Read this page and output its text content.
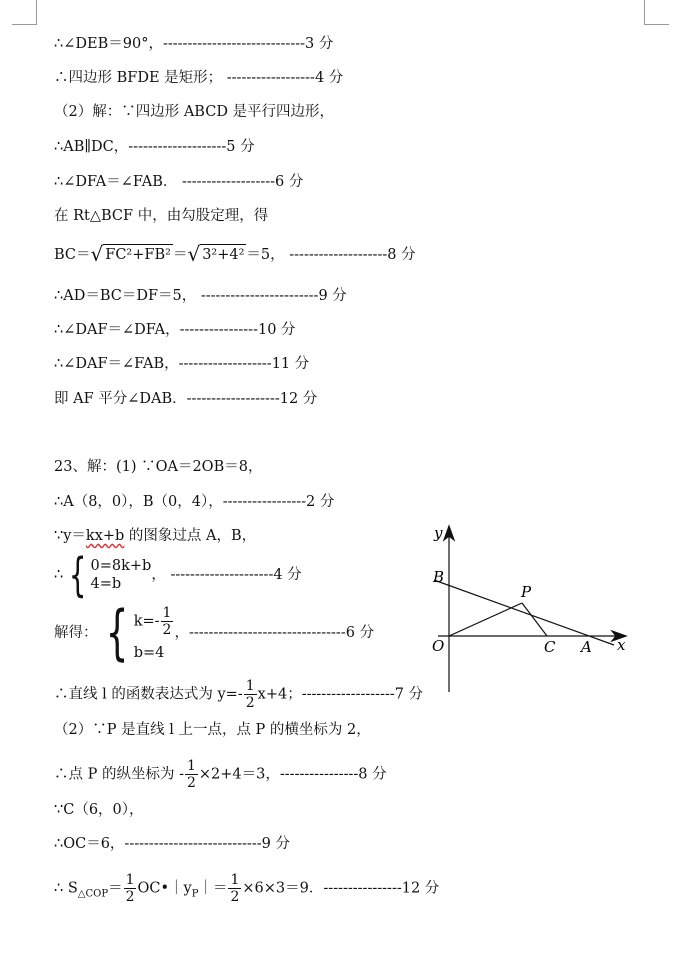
∴∠DEB＝90°，-----------------------------3 分
∴四边形 BFDE 是矩形； ------------------4 分
（2）解：∵四边形 ABCD 是平行四边形，
∴AB∥DC，--------------------5 分
∴∠DFA＝∠FAB． -------------------6 分
在 Rt△BCF 中，由勾股定理，得
BC＝√ FC²+FB² ＝√ 3²+4² ＝5， --------------------8 分
∴AD＝BC＝DF＝5， ------------------------9 分
∴∠DAF＝∠DFA，----------------10 分
∴∠DAF＝∠FAB，-------------------11 分
即 AF 平分∠DAB．-------------------12 分
23、解：(1) ∵OA＝2OB＝8，
∴A（8，0），B（0，4），-----------------2 分
∵y＝kx+b 的图象过点 A，B，
∴ { 0=8k+b
4=b
， ---------------------4 分
解得： { $k=- \frac{1}{2}$
b=4
，--------------------------------6 分
∴直线 l 的函数表达式为 $y=- \frac{1}{2} x+4$；-------------------7 分
（2）∵P 是直线 l 上一点，点 P 的横坐标为 2，
∴点 P 的纵坐标为 - $\frac{1}{2} \times 2+4=3$，----------------8 分
∵C（6，0），
∴OC＝6，----------------------------9 分
∴ $S_{\triangle COP}= \frac{1}{2}$ $OC•|y_P|= \frac{1}{2} \times 6\times 3=9$．----------------12 分
y
B
P
O	C A x
